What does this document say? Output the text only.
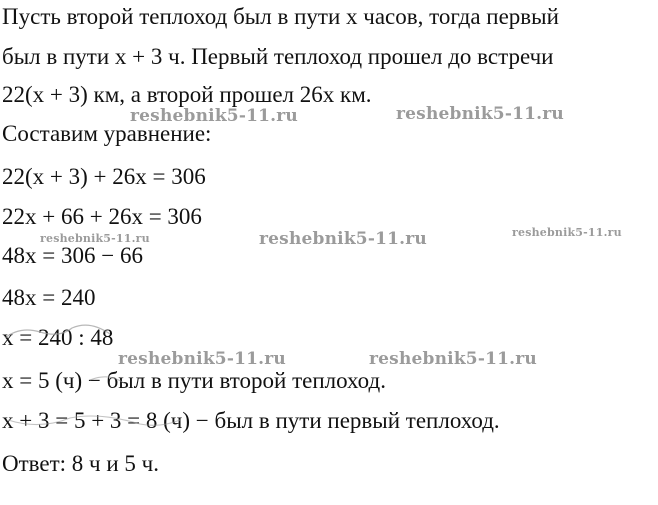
Пусть второй теплоход был в пути x часов, тогда первый
был в пути x + 3 ч. Первый теплоход прошел до встречи
22(x + 3) км, а второй прошел 26x км.
Составим уравнение:
22(x + 3) + 26x = 306
22x + 66 + 26x = 306
48x = 306 − 66
48x = 240
x = 240 : 48
x = 5 (ч) − был в пути второй теплоход.
x + 3 = 5 + 3 = 8 (ч) − был в пути первый теплоход.
Ответ: 8 ч и 5 ч.
reshebnik5-11.ru	reshebnik5-11.ru
reshebnik5-11.ru	reshebnik5-11.ru	reshebnik5-11.ru
reshebnik5-11.ru	reshebnik5-11.ru
